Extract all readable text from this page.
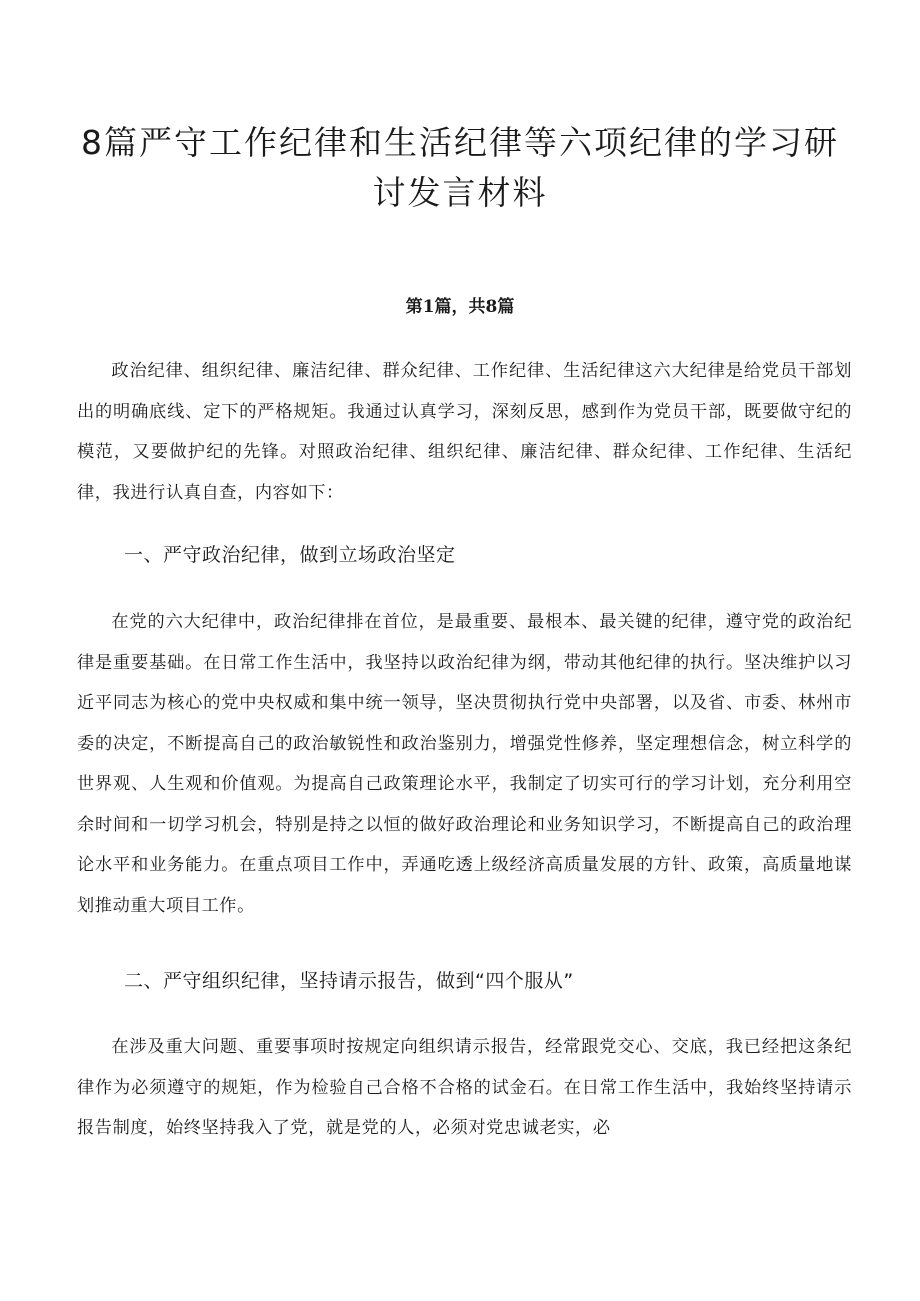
8篇严守工作纪律和生活纪律等六项纪律的学习研讨发言材料

第1篇，共8篇

政治纪律、组织纪律、廉洁纪律、群众纪律、工作纪律、生活纪律这六大纪律是给党员干部划出的明确底线、定下的严格规矩。我通过认真学习，深刻反思，感到作为党员干部，既要做守纪的模范，又要做护纪的先锋。对照政治纪律、组织纪律、廉洁纪律、群众纪律、工作纪律、生活纪律，我进行认真自查，内容如下：

一、严守政治纪律，做到立场政治坚定

在党的六大纪律中，政治纪律排在首位，是最重要、最根本、最关键的纪律，遵守党的政治纪律是重要基础。在日常工作生活中，我坚持以政治纪律为纲，带动其他纪律的执行。坚决维护以习近平同志为核心的党中央权威和集中统一领导，坚决贯彻执行党中央部署，以及省、市委、林州市委的决定，不断提高自己的政治敏锐性和政治鉴别力，增强党性修养，坚定理想信念，树立科学的世界观、人生观和价值观。为提高自己政策理论水平，我制定了切实可行的学习计划，充分利用空余时间和一切学习机会，特别是持之以恒的做好政治理论和业务知识学习，不断提高自己的政治理论水平和业务能力。在重点项目工作中，弄通吃透上级经济高质量发展的方针、政策，高质量地谋划推动重大项目工作。

二、严守组织纪律，坚持请示报告，做到“四个服从”

在涉及重大问题、重要事项时按规定向组织请示报告，经常跟党交心、交底，我已经把这条纪律作为必须遵守的规矩，作为检验自己合格不合格的试金石。在日常工作生活中，我始终坚持请示报告制度，始终坚持我入了党，就是党的人，必须对党忠诚老实，必
